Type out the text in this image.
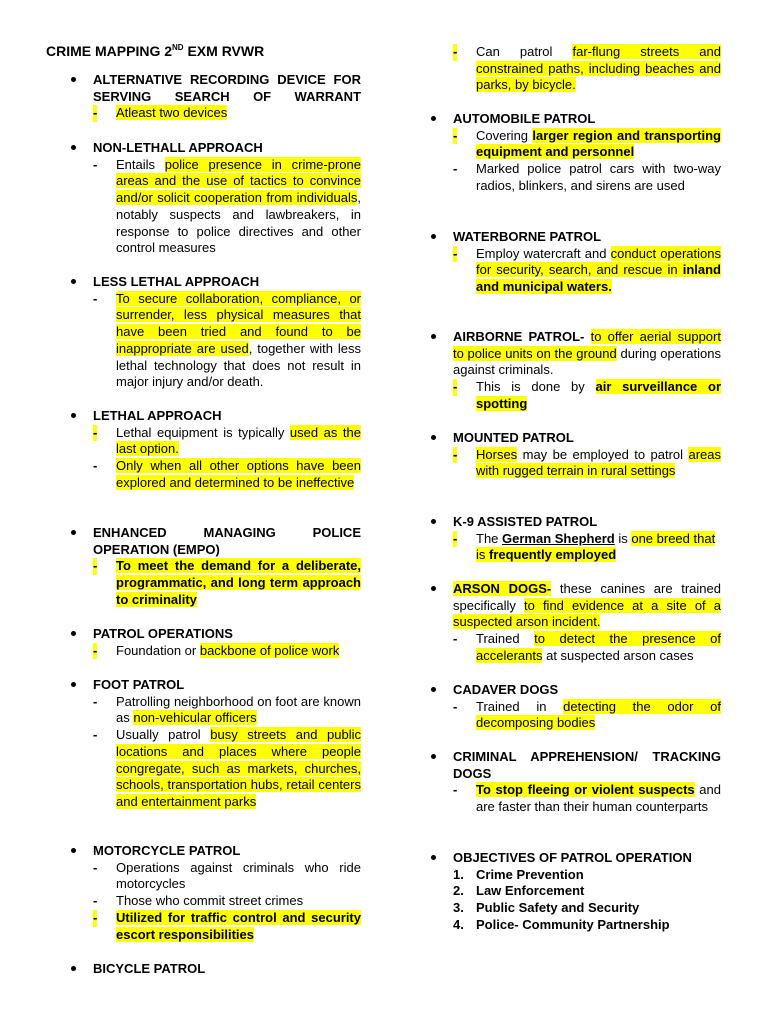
CRIME MAPPING 2ND EXM RVWR
ALTERNATIVE RECORDING DEVICE FOR SERVING SEARCH OF WARRANT
- Atleast two devices
NON-LETHALL APPROACH
- Entails police presence in crime-prone areas and the use of tactics to convince and/or solicit cooperation from individuals, notably suspects and lawbreakers, in response to police directives and other control measures
LESS LETHAL APPROACH
- To secure collaboration, compliance, or surrender, less physical measures that have been tried and found to be inappropriate are used, together with less lethal technology that does not result in major injury and/or death.
LETHAL APPROACH
- Lethal equipment is typically used as the last option.
- Only when all other options have been explored and determined to be ineffective
ENHANCED MANAGING POLICE OPERATION (EMPO)
- To meet the demand for a deliberate, programmatic, and long term approach to criminality
PATROL OPERATIONS
- Foundation or backbone of police work
FOOT PATROL
- Patrolling neighborhood on foot are known as non-vehicular officers
- Usually patrol busy streets and public locations and places where people congregate, such as markets, churches, schools, transportation hubs, retail centers and entertainment parks
MOTORCYCLE PATROL
- Operations against criminals who ride motorcycles
- Those who commit street crimes
- Utilized for traffic control and security escort responsibilities
BICYCLE PATROL
- Can patrol far-flung streets and constrained paths, including beaches and parks, by bicycle.
AUTOMOBILE PATROL
- Covering larger region and transporting equipment and personnel
- Marked police patrol cars with two-way radios, blinkers, and sirens are used
WATERBORNE PATROL
- Employ watercraft and conduct operations for security, search, and rescue in inland and municipal waters.
AIRBORNE PATROL- to offer aerial support to police units on the ground during operations against criminals.
- This is done by air surveillance or spotting
MOUNTED PATROL
- Horses may be employed to patrol areas with rugged terrain in rural settings
K-9 ASSISTED PATROL
- The German Shepherd is one breed that is frequently employed
ARSON DOGS- these canines are trained specifically to find evidence at a site of a suspected arson incident.
- Trained to detect the presence of accelerants at suspected arson cases
CADAVER DOGS
- Trained in detecting the odor of decomposing bodies
CRIMINAL APPREHENSION/ TRACKING DOGS
- To stop fleeing or violent suspects and are faster than their human counterparts
OBJECTIVES OF PATROL OPERATION
1. Crime Prevention
2. Law Enforcement
3. Public Safety and Security
4. Police- Community Partnership
